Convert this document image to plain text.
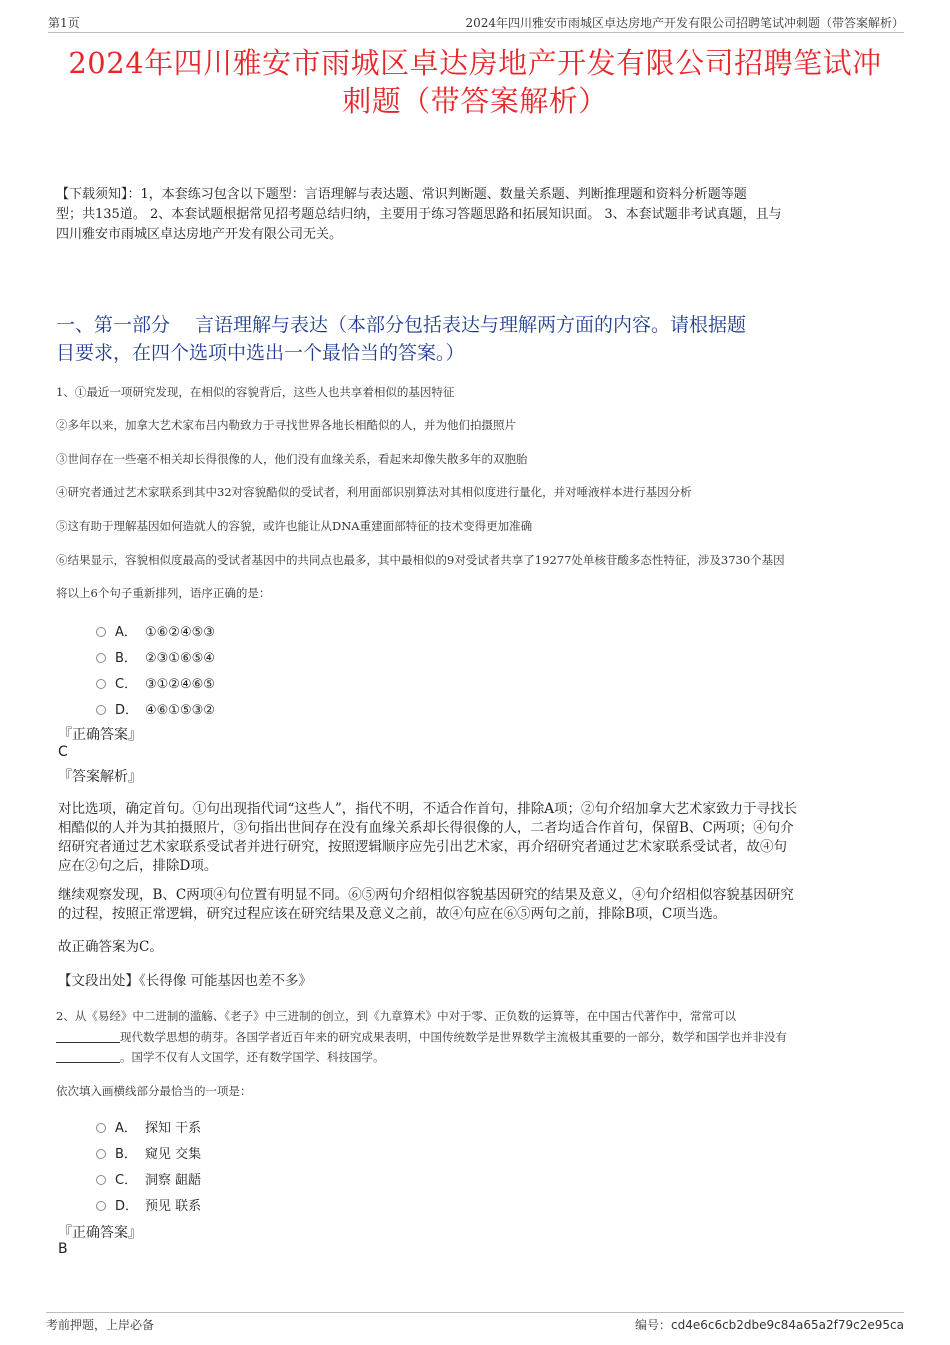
第1页	2024年四川雅安市雨城区卓达房地产开发有限公司招聘笔试冲刺题（带答案解析）
2024年四川雅安市雨城区卓达房地产开发有限公司招聘笔试冲
刺题（带答案解析）
【下载须知】：1，本套练习包含以下题型：言语理解与表达题、常识判断题、数量关系题、判断推理题和资料分析题等题
型；共135道。 2、本套试题根据常见招考题总结归纳，主要用于练习答题思路和拓展知识面。 3、本套试题非考试真题，且与
四川雅安市雨城区卓达房地产开发有限公司无关。
一、第一部分　 言语理解与表达（本部分包括表达与理解两方面的内容。请根据题
目要求，在四个选项中选出一个最恰当的答案。）
1、①最近一项研究发现，在相似的容貌背后，这些人也共享着相似的基因特征
②多年以来，加拿大艺术家布吕内勒致力于寻找世界各地长相酷似的人，并为他们拍摄照片
③世间存在一些毫不相关却长得很像的人，他们没有血缘关系，看起来却像失散多年的双胞胎
④研究者通过艺术家联系到其中32对容貌酷似的受试者，利用面部识别算法对其相似度进行量化，并对唾液样本进行基因分析
⑤这有助于理解基因如何造就人的容貌，或许也能让从DNA重建面部特征的技术变得更加准确
⑥结果显示，容貌相似度最高的受试者基因中的共同点也最多，其中最相似的9对受试者共享了19277处单核苷酸多态性特征，涉及3730个基因
将以上6个句子重新排列，语序正确的是：
A． ①⑥②④⑤③
B． ②③①⑥⑤④
C． ③①②④⑥⑤
D． ④⑥①⑤③②
『正确答案』
C
『答案解析』
对比选项，确定首句。①句出现指代词“这些人”，指代不明，不适合作首句，排除A项；②句介绍加拿大艺术家致力于寻找长
相酷似的人并为其拍摄照片，③句指出世间存在没有血缘关系却长得很像的人，二者均适合作首句，保留B、C两项；④句介
绍研究者通过艺术家联系受试者并进行研究，按照逻辑顺序应先引出艺术家，再介绍研究者通过艺术家联系受试者，故④句
应在②句之后，排除D项。
继续观察发现，B、C两项④句位置有明显不同。⑥⑤两句介绍相似容貌基因研究的结果及意义，④句介绍相似容貌基因研究
的过程，按照正常逻辑，研究过程应该在研究结果及意义之前，故④句应在⑥⑤两句之前，排除B项，C项当选。
故正确答案为C。
【文段出处】《长得像 可能基因也差不多》
2、从《易经》中二进制的滥觞、《老子》中三进制的创立，到《九章算术》中对于零、正负数的运算等，在中国古代著作中，常常可以
现代数学思想的萌芽。各国学者近百年来的研究成果表明，中国传统数学是世界数学主流极其重要的一部分，数学和国学也并非没有
。国学不仅有人文国学，还有数学国学、科技国学。
依次填入画横线部分最恰当的一项是：
A． 探知 干系
B． 窥见 交集
C． 洞察 龃龉
D． 预见 联系
『正确答案』
B
考前押题，上岸必备	编号：cd4e6c6cb2dbe9c84a65a2f79c2e95ca
